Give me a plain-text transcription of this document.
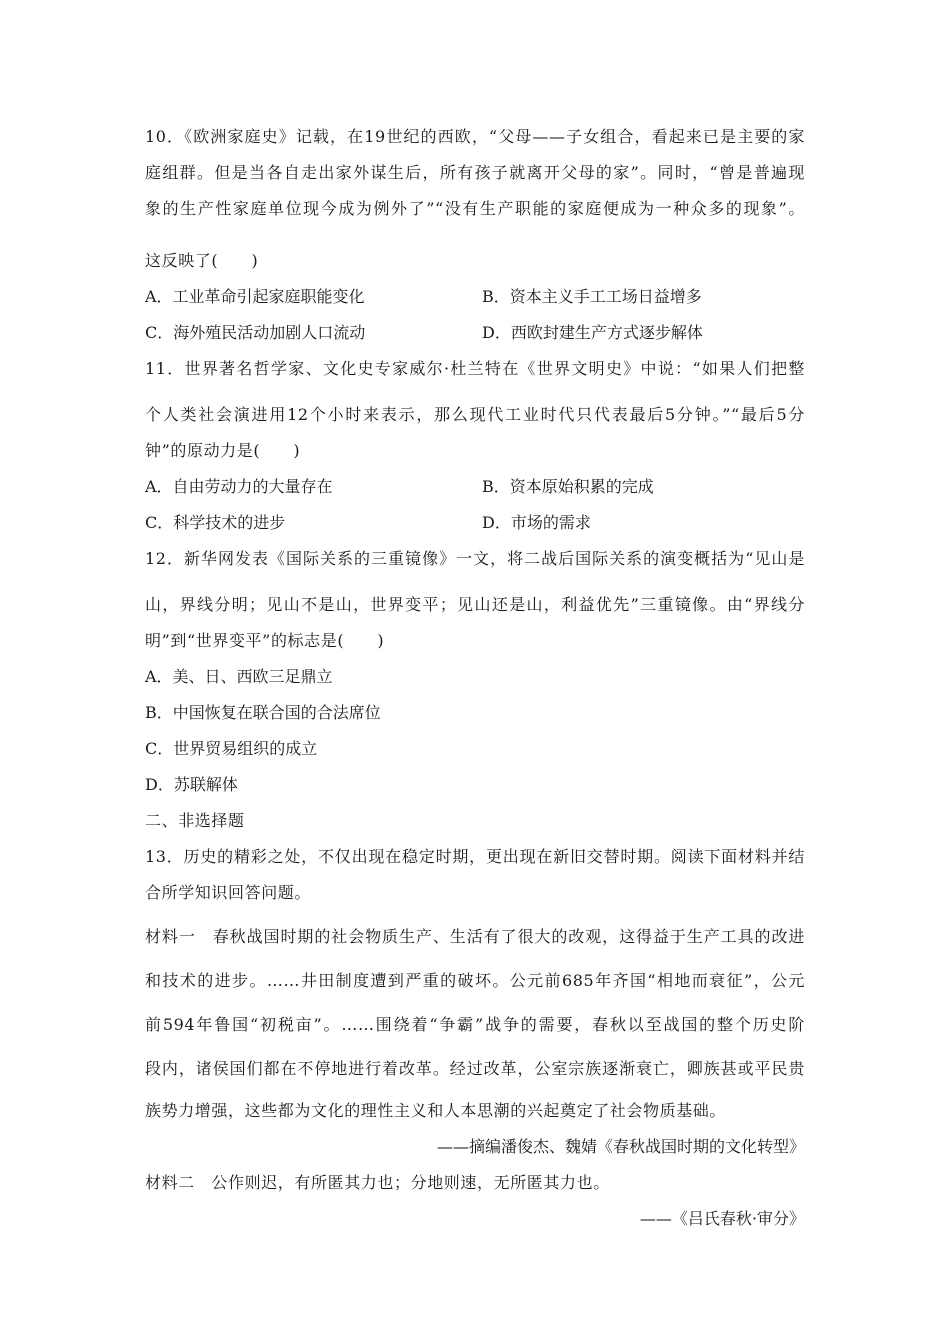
10．《欧洲家庭史》记载，在19世纪的西欧，“父母——子女组合，看起来已是主要的家
庭组群。但是当各自走出家外谋生后，所有孩子就离开父母的家”。同时，“曾是普遍现
象的生产性家庭单位现今成为例外了”“没有生产职能的家庭便成为一种众多的现象”。
这反映了(　　)
A．工业革命引起家庭职能变化	B．资本主义手工工场日益增多
C．海外殖民活动加剧人口流动	D．西欧封建生产方式逐步解体
11．世界著名哲学家、文化史专家威尔·杜兰特在《世界文明史》中说：“如果人们把整
个人类社会演进用12个小时来表示，那么现代工业时代只代表最后5分钟。”“最后5分
钟”的原动力是(　　)
A．自由劳动力的大量存在	B．资本原始积累的完成
C．科学技术的进步	D．市场的需求
12．新华网发表《国际关系的三重镜像》一文，将二战后国际关系的演变概括为“见山是
山，界线分明；见山不是山，世界变平；见山还是山，利益优先”三重镜像。由“界线分
明”到“世界变平”的标志是(　　)
A．美、日、西欧三足鼎立
B．中国恢复在联合国的合法席位
C．世界贸易组织的成立
D．苏联解体
二、非选择题
13．历史的精彩之处，不仅出现在稳定时期，更出现在新旧交替时期。阅读下面材料并结
合所学知识回答问题。
材料一　春秋战国时期的社会物质生产、生活有了很大的改观，这得益于生产工具的改进
和技术的进步。……井田制度遭到严重的破坏。公元前685年齐国“相地而衰征”，公元
前594年鲁国“初税亩”。……围绕着“争霸”战争的需要，春秋以至战国的整个历史阶
段内，诸侯国们都在不停地进行着改革。经过改革，公室宗族逐渐衰亡，卿族甚或平民贵
族势力增强，这些都为文化的理性主义和人本思潮的兴起奠定了社会物质基础。
——摘编潘俊杰、魏婧《春秋战国时期的文化转型》
材料二　公作则迟，有所匿其力也；分地则速，无所匿其力也。
——《吕氏春秋·审分》
